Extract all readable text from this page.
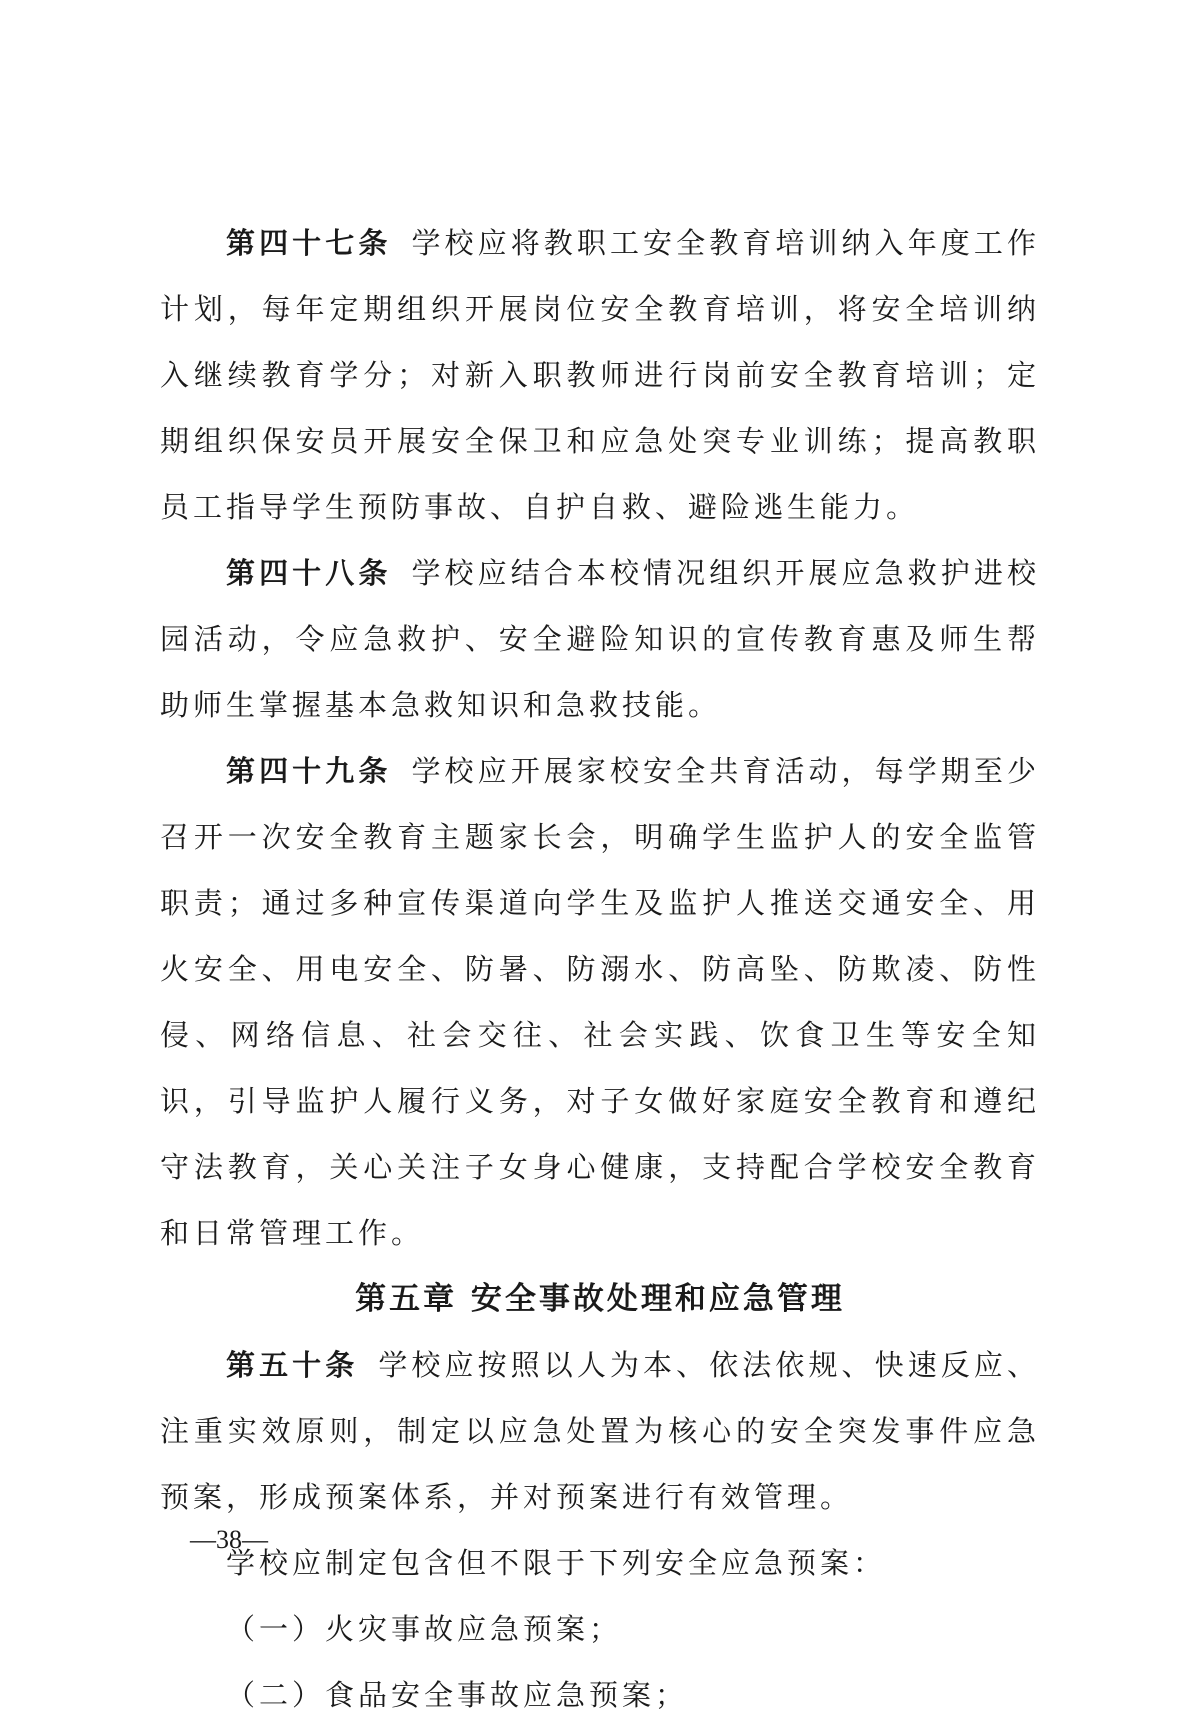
第四十七条 学校应将教职工安全教育培训纳入年度工作计划，每年定期组织开展岗位安全教育培训，将安全培训纳入继续教育学分；对新入职教师进行岗前安全教育培训；定期组织保安员开展安全保卫和应急处突专业训练；提高教职员工指导学生预防事故、自护自救、避险逃生能力。

第四十八条 学校应结合本校情况组织开展应急救护进校园活动，令应急救护、安全避险知识的宣传教育惠及师生帮助师生掌握基本急救知识和急救技能。

第四十九条 学校应开展家校安全共育活动，每学期至少召开一次安全教育主题家长会，明确学生监护人的安全监管职责；通过多种宣传渠道向学生及监护人推送交通安全、用火安全、用电安全、防暑、防溺水、防高坠、防欺凌、防性侵、网络信息、社会交往、社会实践、饮食卫生等安全知识，引导监护人履行义务，对子女做好家庭安全教育和遵纪守法教育，关心关注子女身心健康，支持配合学校安全教育和日常管理工作。

第五章 安全事故处理和应急管理

第五十条 学校应按照以人为本、依法依规、快速反应、注重实效原则，制定以应急处置为核心的安全突发事件应急预案，形成预案体系，并对预案进行有效管理。

学校应制定包含但不限于下列安全应急预案：

（一）火灾事故应急预案；

（二）食品安全事故应急预案；

—38—
